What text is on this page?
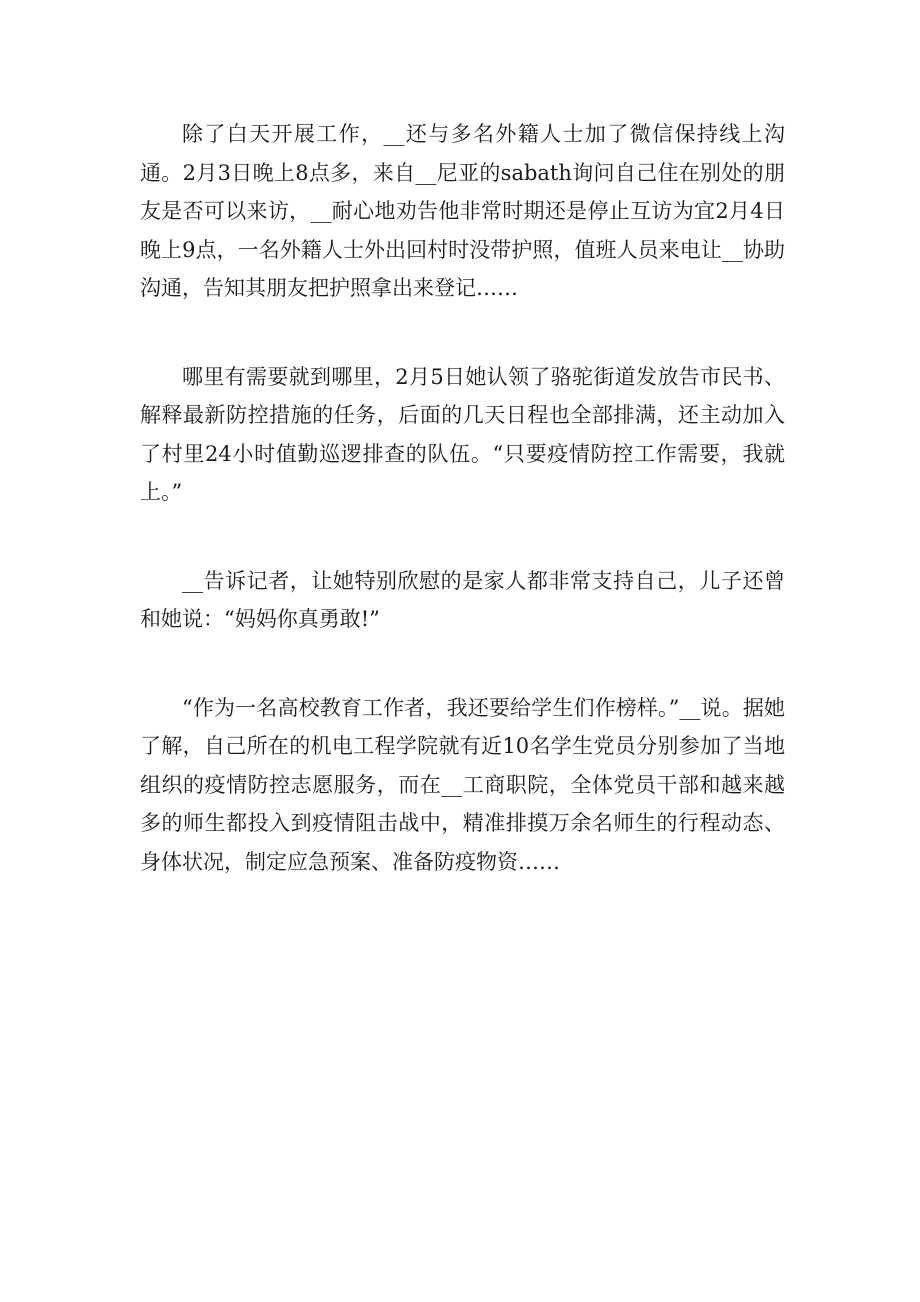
除了白天开展工作，__还与多名外籍人士加了微信保持线上沟通。2月3日晚上8点多，来自__尼亚的sabath询问自己住在别处的朋友是否可以来访，__耐心地劝告他非常时期还是停止互访为宜2月4日晚上9点，一名外籍人士外出回村时没带护照，值班人员来电让__协助沟通，告知其朋友把护照拿出来登记……

哪里有需要就到哪里，2月5日她认领了骆驼街道发放告市民书、解释最新防控措施的任务，后面的几天日程也全部排满，还主动加入了村里24小时值勤巡逻排查的队伍。“只要疫情防控工作需要，我就上。”

__告诉记者，让她特别欣慰的是家人都非常支持自己，儿子还曾和她说：“妈妈你真勇敢!”

“作为一名高校教育工作者，我还要给学生们作榜样。”__说。据她了解，自己所在的机电工程学院就有近10名学生党员分别参加了当地组织的疫情防控志愿服务，而在__工商职院，全体党员干部和越来越多的师生都投入到疫情阻击战中，精准排摸万余名师生的行程动态、身体状况，制定应急预案、准备防疫物资……
